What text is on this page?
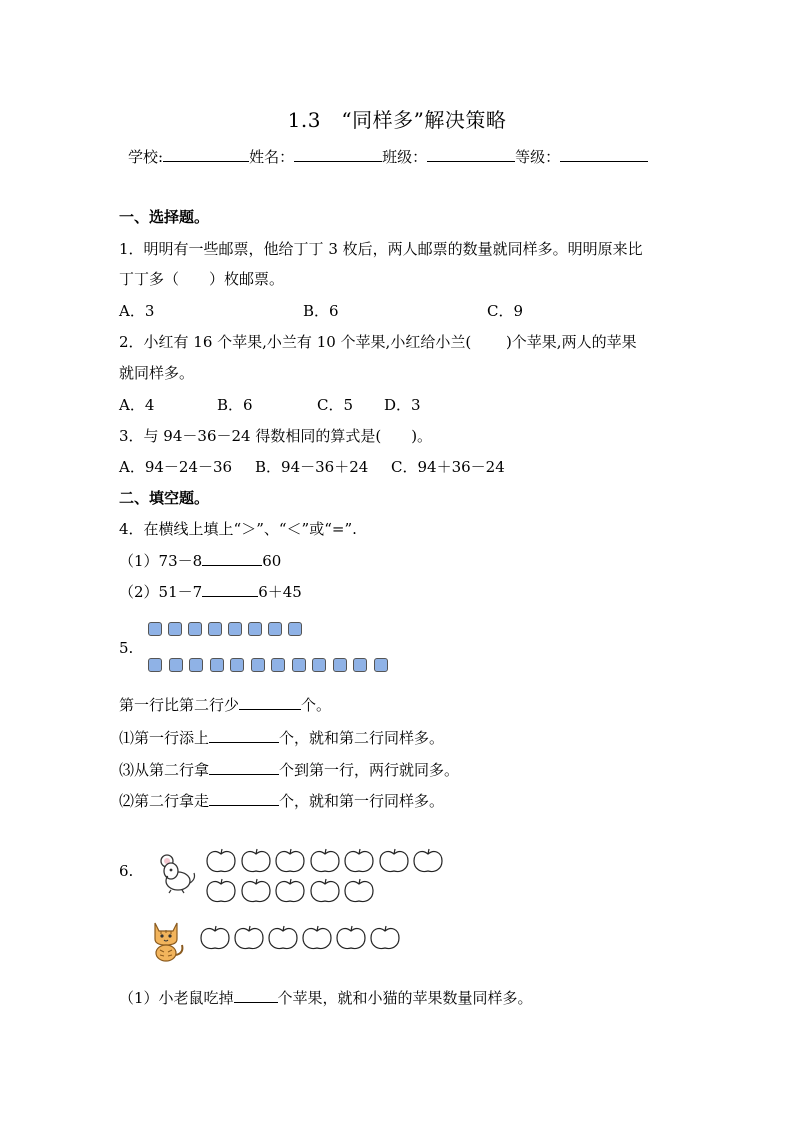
1.3　“同样多”解决策略
学校:	姓名：	班级：	等级：
一、选择题。
1．明明有一些邮票，他给丁丁 3 枚后，两人邮票的数量就同样多。明明原来比
丁丁多（　　）枚邮票。
A．3	B．6	C．9
2．小红有 16 个苹果,小兰有 10 个苹果,小红给小兰(　　 )个苹果,两人的苹果
就同样多。
A．4	B．6	C．5 D．3
3．与 94－36－24 得数相同的算式是(　　)。
A．94－24－36 B．94－36＋24 C．94＋36－24
二、填空题。
4．在横线上填上“＞”、“＜”或“=”.
（1）73－8	60
（2）51－7	6＋45
5.
第一行比第二行少	个。
⑴第一行添上	个，就和第二行同样多。
⑶从第二行拿	个到第一行，两行就同多。
⑵第二行拿走	个，就和第一行同样多。
6.
（1）小老鼠吃掉	个苹果，就和小猫的苹果数量同样多。
